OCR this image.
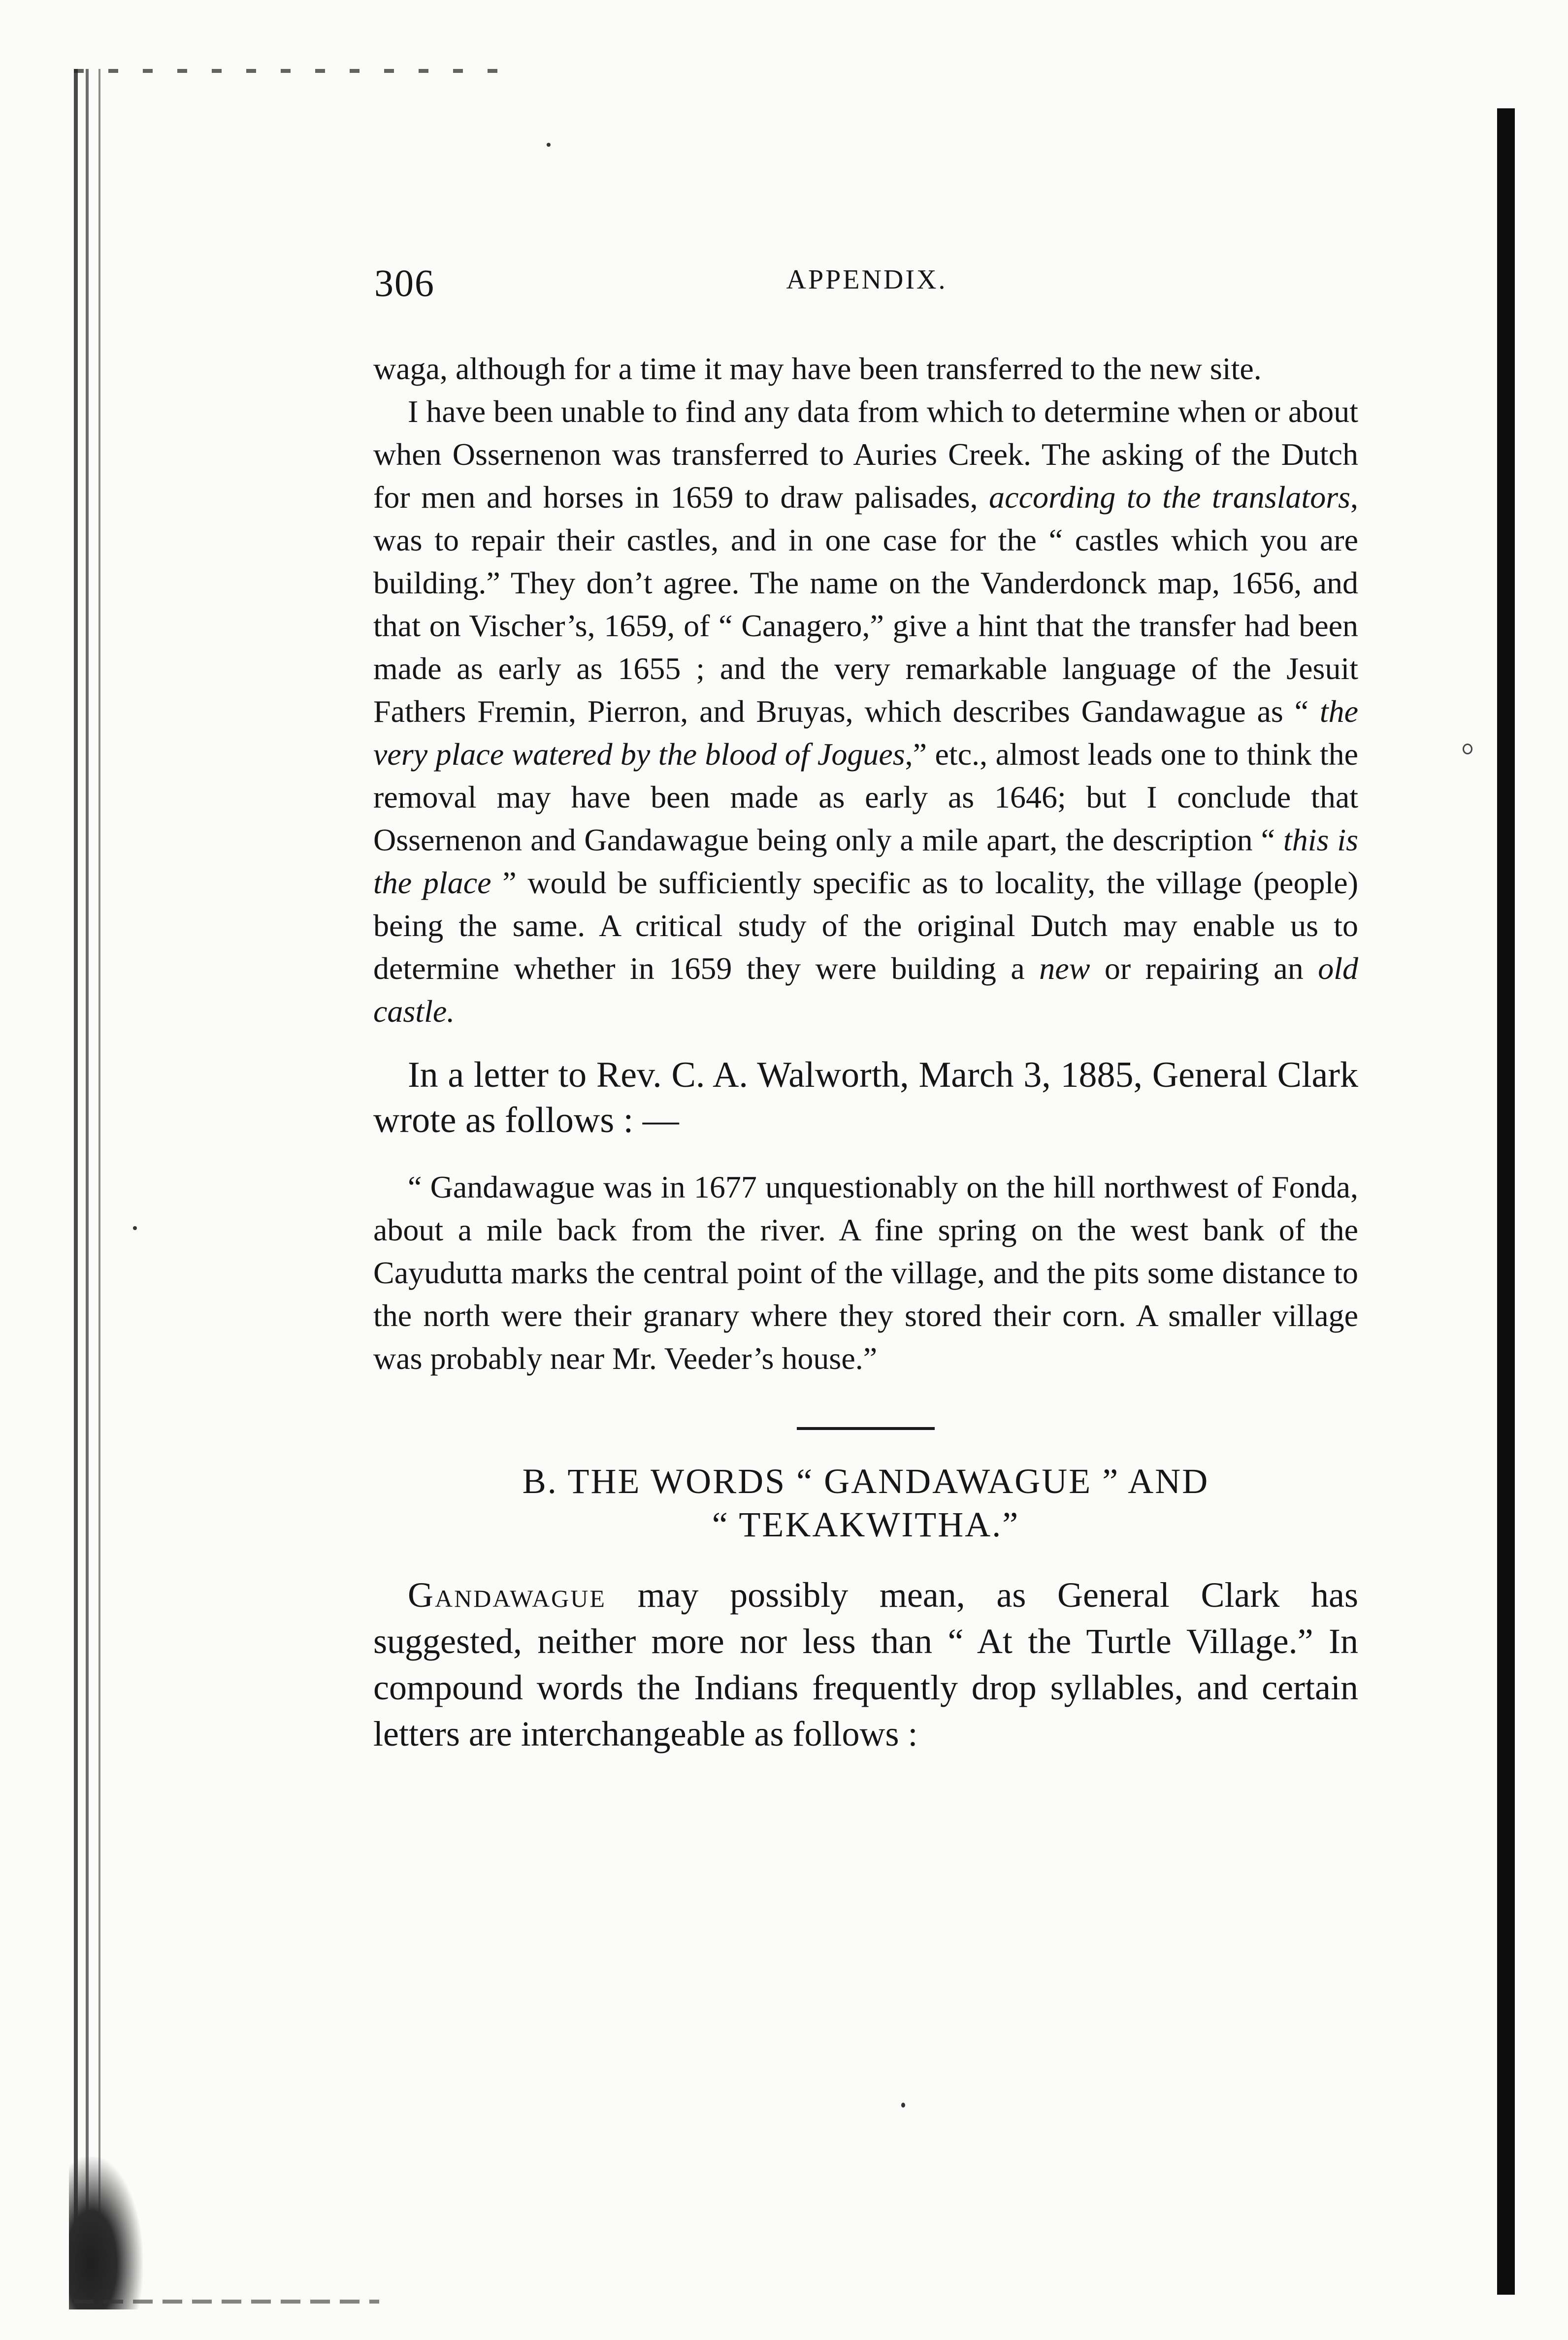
306	APPENDIX.

waga, although for a time it may have been transferred to the new site.

I have been unable to find any data from which to determine when or about when Ossernenon was transferred to Auries Creek. The asking of the Dutch for men and horses in 1659 to draw palisades, according to the translators, was to repair their castles, and in one case for the “ castles which you are building.” They don’t agree. The name on the Vanderdonck map, 1656, and that on Vischer’s, 1659, of “ Canagero,” give a hint that the transfer had been made as early as 1655 ; and the very remarkable language of the Jesuit Fathers Fremin, Pierron, and Bruyas, which describes Gandawague as “ the very place watered by the blood of Jogues,” etc., almost leads one to think the removal may have been made as early as 1646; but I conclude that Ossernenon and Gandawague being only a mile apart, the description “ this is the place ” would be sufficiently specific as to locality, the village (people) being the same. A critical study of the original Dutch may enable us to determine whether in 1659 they were building a new or repairing an old castle.

In a letter to Rev. C. A. Walworth, March 3, 1885, General Clark wrote as follows : —

“ Gandawague was in 1677 unquestionably on the hill northwest of Fonda, about a mile back from the river. A fine spring on the west bank of the Cayudutta marks the central point of the village, and the pits some distance to the north were their granary where they stored their corn. A smaller village was probably near Mr. Veeder’s house.”

B. THE WORDS “ GANDAWAGUE ” AND
“ TEKAKWITHA.”

Gandawague may possibly mean, as General Clark has suggested, neither more nor less than “ At the Turtle Village.” In compound words the Indians frequently drop syllables, and certain letters are interchangeable as follows :
